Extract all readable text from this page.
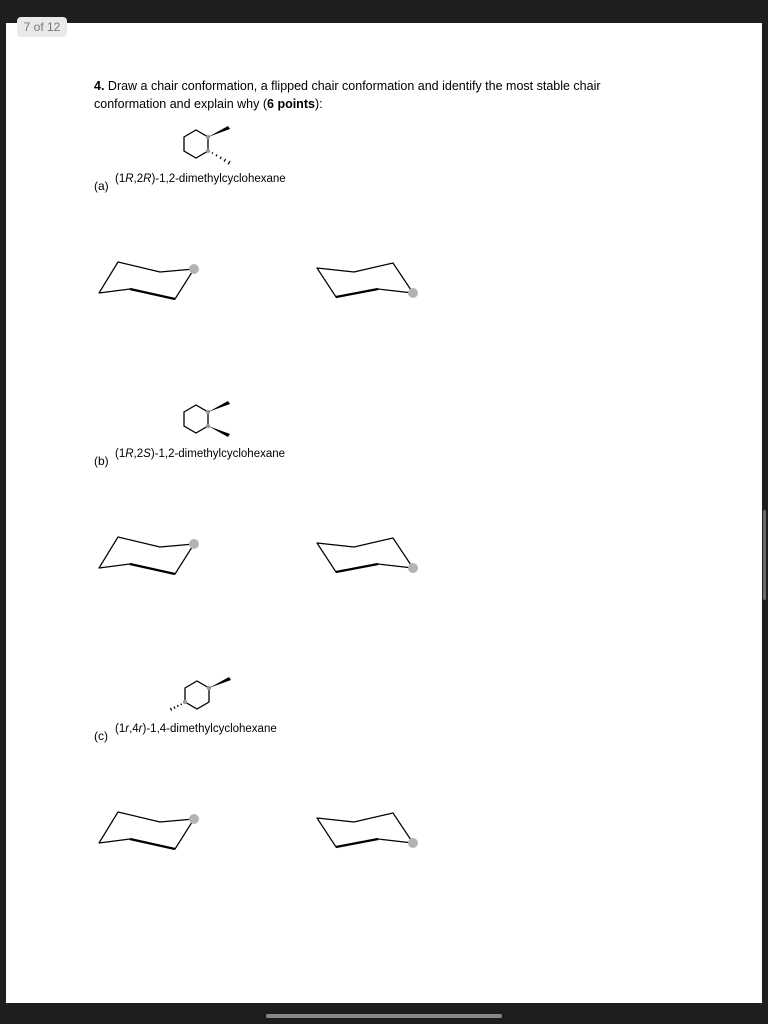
7 of 12
4. Draw a chair conformation, a flipped chair conformation and identify the most stable chair conformation and explain why (6 points):
(a) (1R,2R)-1,2-dimethylcyclohexane
(b) (1R,2S)-1,2-dimethylcyclohexane
(c) (1r,4r)-1,4-dimethylcyclohexane
